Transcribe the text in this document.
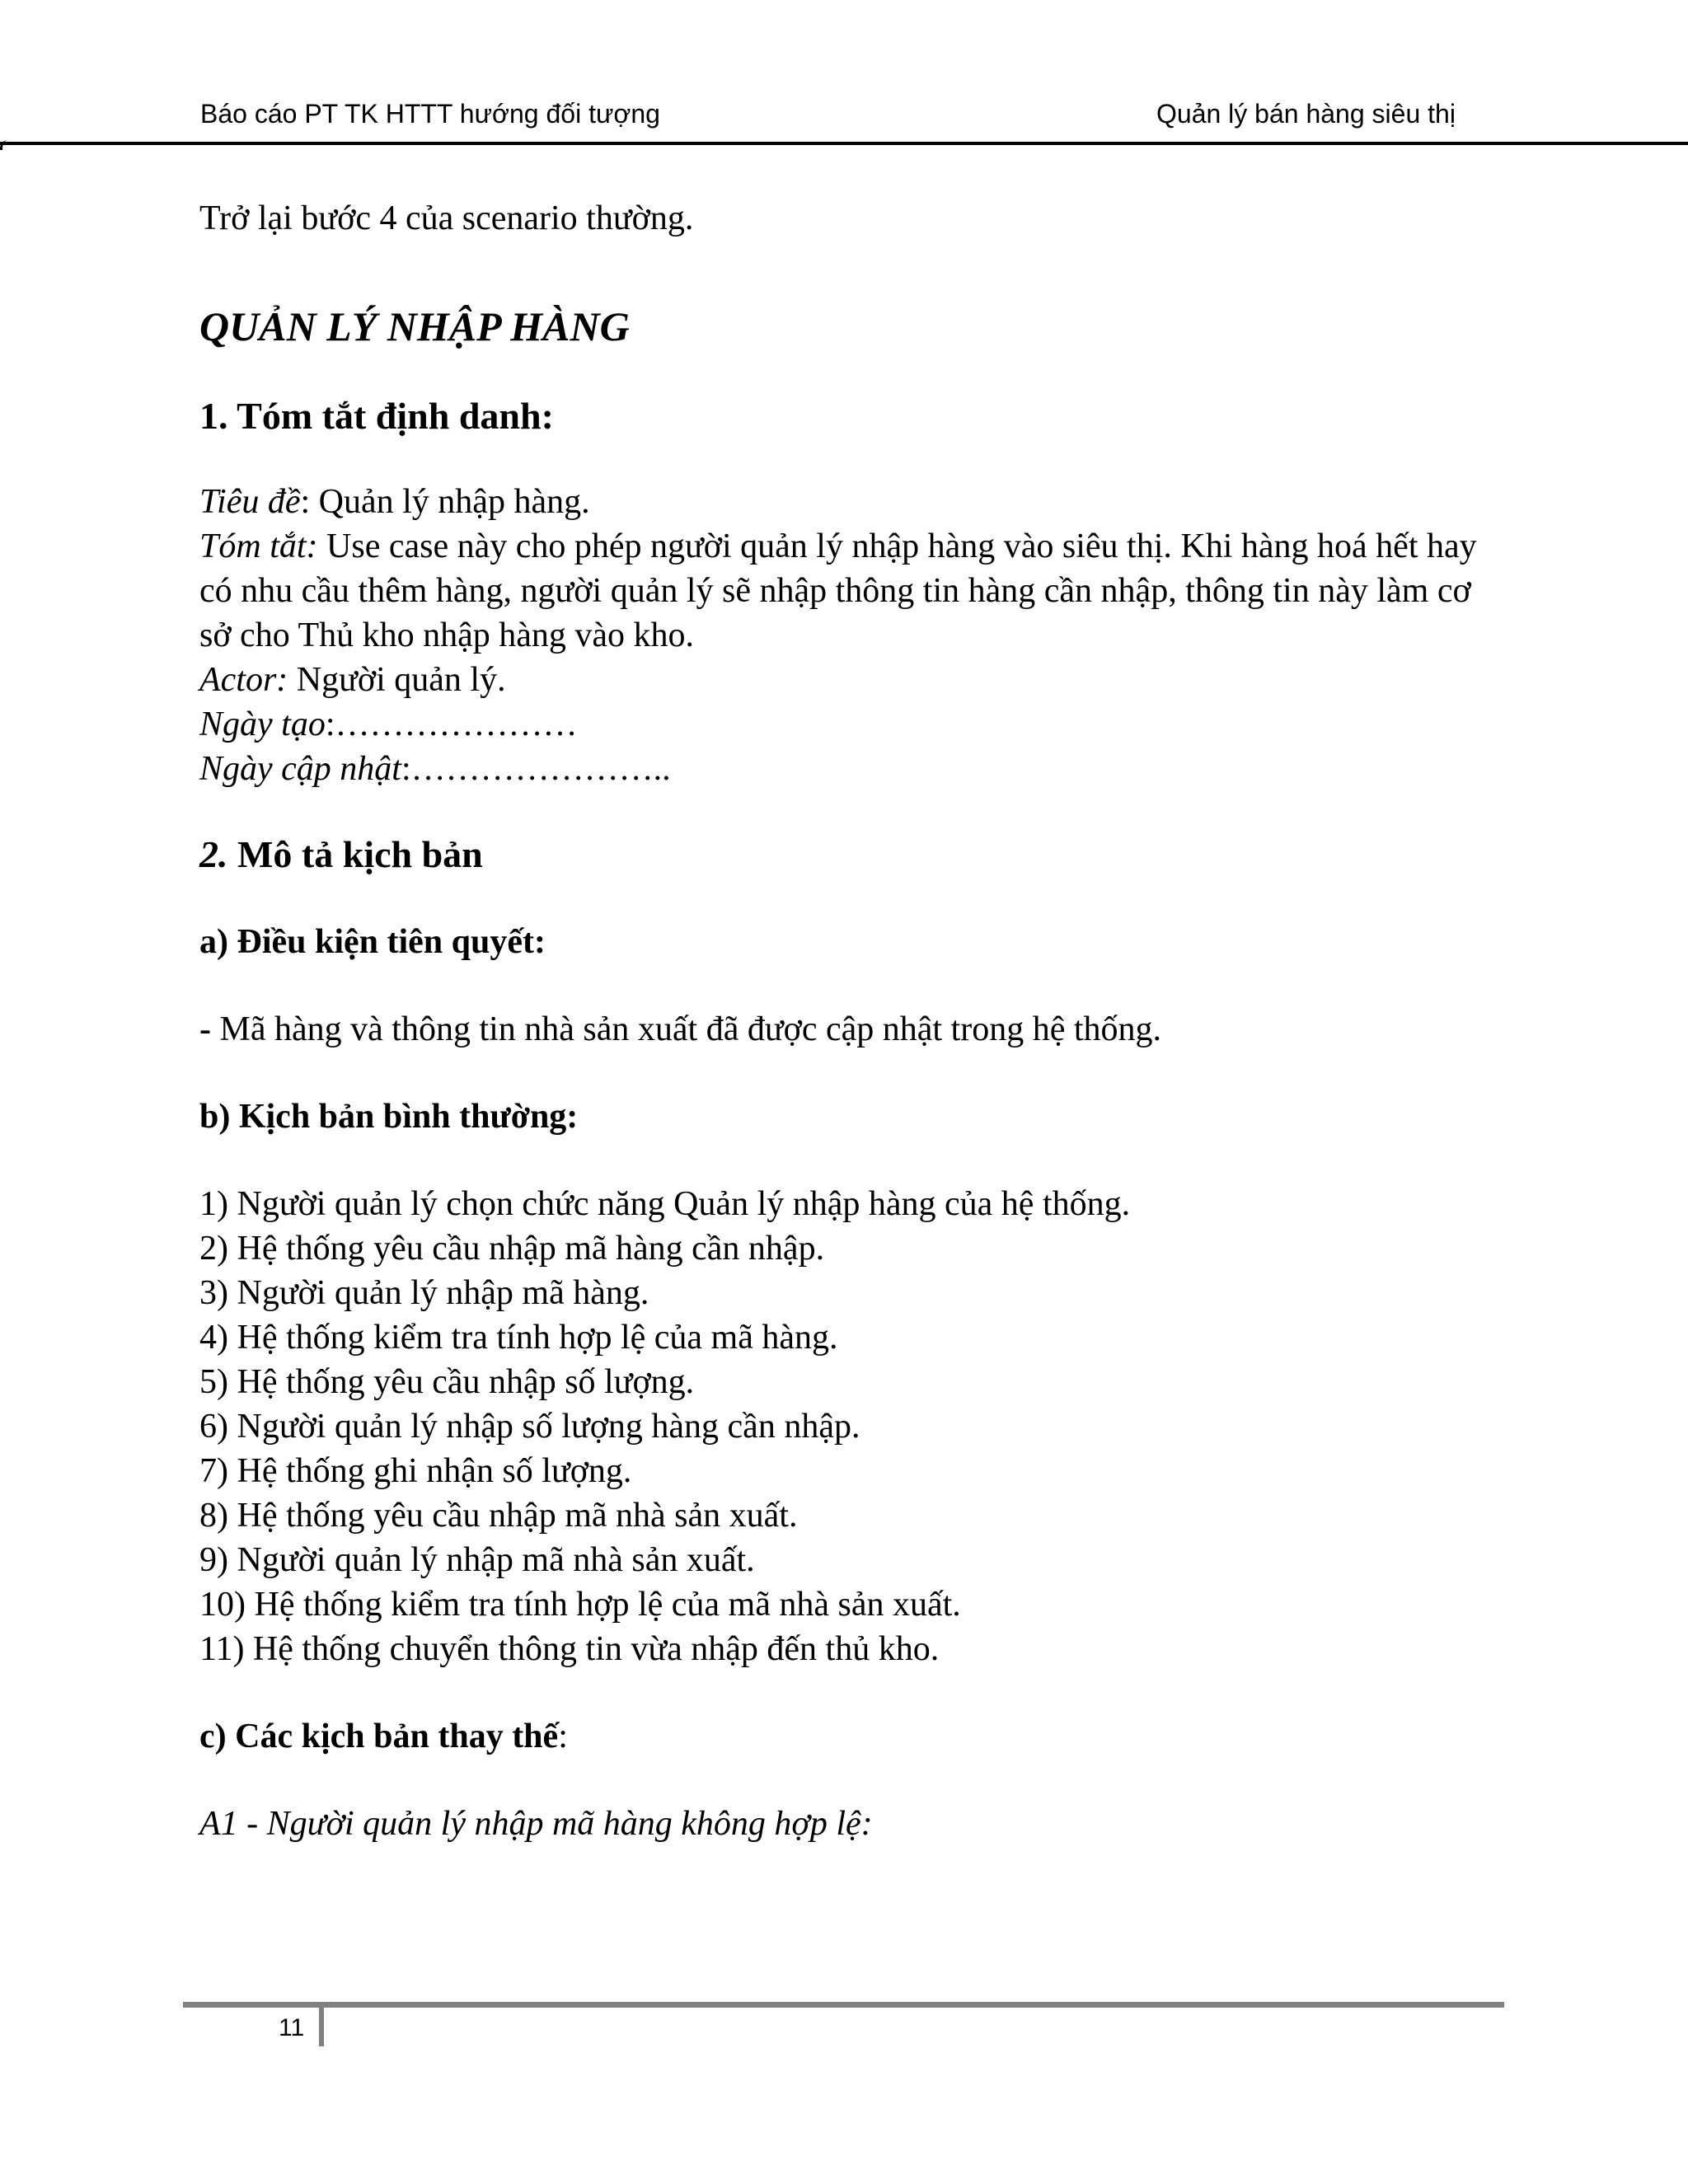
Báo cáo PT TK HTTT hướng đối tượng	Quản lý bán hàng siêu thị

Trở lại bước 4 của scenario thường.

QUẢN LÝ NHẬP HÀNG

1. Tóm tắt định danh:

Tiêu đề: Quản lý nhập hàng.

Tóm tắt: Use case này cho phép người quản lý nhập hàng vào siêu thị. Khi hàng hoá hết hay

có nhu cầu thêm hàng, người quản lý sẽ nhập thông tin hàng cần nhập, thông tin này làm cơ sở cho Thủ kho nhập hàng vào kho.

Actor: Người quản lý.

Ngày tạo:…………………

Ngày cập nhật:…………………..

2. Mô tả kịch bản

a) Điều kiện tiên quyết:

- Mã hàng và thông tin nhà sản xuất đã được cập nhật trong hệ thống.

b) Kịch bản bình thường:

1) Người quản lý chọn chức năng Quản lý nhập hàng của hệ thống.

2) Hệ thống yêu cầu nhập mã hàng cần nhập.

3) Người quản lý nhập mã hàng.

4) Hệ thống kiểm tra tính hợp lệ của mã hàng.

5) Hệ thống yêu cầu nhập số lượng.

6) Người quản lý nhập số lượng hàng cần nhập.

7) Hệ thống ghi nhận số lượng.

8) Hệ thống yêu cầu nhập mã nhà sản xuất.

9) Người quản lý nhập mã nhà sản xuất.

10) Hệ thống kiểm tra tính hợp lệ của mã nhà sản xuất.

11) Hệ thống chuyển thông tin vừa nhập đến thủ kho.

c) Các kịch bản thay thế:

A1 - Người quản lý nhập mã hàng không hợp lệ:

11
